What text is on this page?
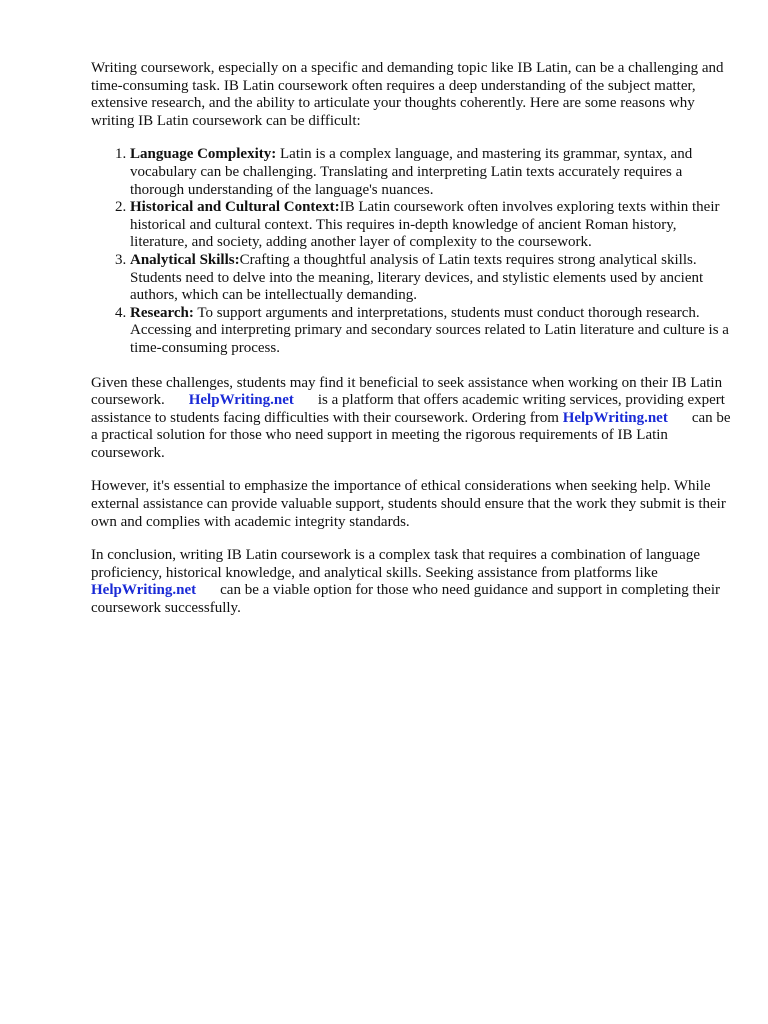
Writing coursework, especially on a specific and demanding topic like IB Latin, can be a challenging and time-consuming task. IB Latin coursework often requires a deep understanding of the subject matter, extensive research, and the ability to articulate your thoughts coherently. Here are some reasons why writing IB Latin coursework can be difficult:

1. Language Complexity: Latin is a complex language, and mastering its grammar, syntax, and vocabulary can be challenging. Translating and interpreting Latin texts accurately requires a thorough understanding of the language's nuances.
2. Historical and Cultural Context:IB Latin coursework often involves exploring texts within their historical and cultural context. This requires in-depth knowledge of ancient Roman history, literature, and society, adding another layer of complexity to the coursework.
3. Analytical Skills:Crafting a thoughtful analysis of Latin texts requires strong analytical skills. Students need to delve into the meaning, literary devices, and stylistic elements used by ancient authors, which can be intellectually demanding.
4. Research: To support arguments and interpretations, students must conduct thorough research. Accessing and interpreting primary and secondary sources related to Latin literature and culture is a time-consuming process.

Given these challenges, students may find it beneficial to seek assistance when working on their IB Latin coursework. HelpWriting.net is a platform that offers academic writing services, providing expert assistance to students facing difficulties with their coursework. Ordering from HelpWriting.net can be a practical solution for those who need support in meeting the rigorous requirements of IB Latin coursework.

However, it's essential to emphasize the importance of ethical considerations when seeking help. While external assistance can provide valuable support, students should ensure that the work they submit is their own and complies with academic integrity standards.

In conclusion, writing IB Latin coursework is a complex task that requires a combination of language proficiency, historical knowledge, and analytical skills. Seeking assistance from platforms likeHelpWriting.net can be a viable option for those who need guidance and support in completing their coursework successfully.
